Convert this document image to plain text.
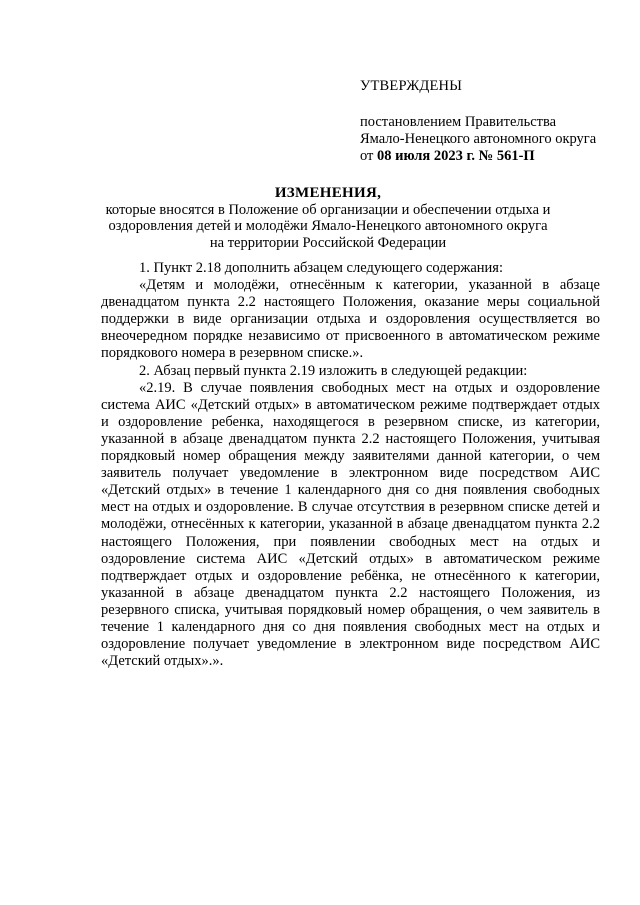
УТВЕРЖДЕНЫ

постановлением Правительства

Ямало-Ненецкого автономного округа

от 08 июля 2023 г. № 561-П

ИЗМЕНЕНИЯ,

которые вносятся в Положение об организации и обеспечении отдыха и оздоровления детей и молодёжи Ямало-Ненецкого автономного округа на территории Российской Федерации

1. Пункт 2.18 дополнить абзацем следующего содержания:

«Детям и молодёжи, отнесённым к категории, указанной в абзаце двенадцатом пункта 2.2 настоящего Положения, оказание меры социальной поддержки в виде организации отдыха и оздоровления осуществляется во внеочередном порядке независимо от присвоенного в автоматическом режиме порядкового номера в резервном списке.».

2. Абзац первый пункта 2.19 изложить в следующей редакции:

«2.19. В случае появления свободных мест на отдых и оздоровление система АИС «Детский отдых» в автоматическом режиме подтверждает отдых и оздоровление ребенка, находящегося в резервном списке, из категории, указанной в абзаце двенадцатом пункта 2.2 настоящего Положения, учитывая порядковый номер обращения между заявителями данной категории, о чем заявитель получает уведомление в электронном виде посредством АИС «Детский отдых» в течение 1 календарного дня со дня появления свободных мест на отдых и оздоровление. В случае отсутствия в резервном списке детей и молодёжи, отнесённых к категории, указанной в абзаце двенадцатом пункта 2.2 настоящего Положения, при появлении свободных мест на отдых и оздоровление система АИС «Детский отдых» в автоматическом режиме подтверждает отдых и оздоровление ребёнка, не отнесённого к категории, указанной в абзаце двенадцатом пункта 2.2 настоящего Положения, из резервного списка, учитывая порядковый номер обращения, о чем заявитель в течение 1 календарного дня со дня появления свободных мест на отдых и оздоровление получает уведомление в электронном виде посредством АИС «Детский отдых».».
